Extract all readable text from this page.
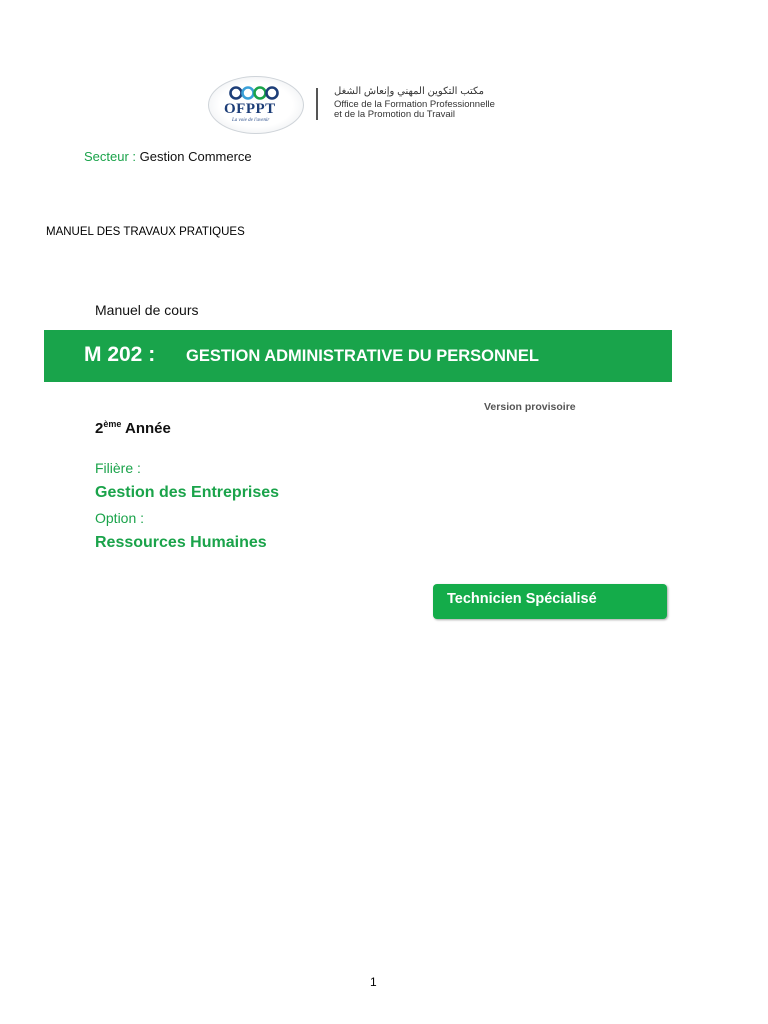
OFPPT
La voie de l'avenir
مكتب التكوين المهني وإنعاش الشغل
Office de la Formation Professionnelle
et de la Promotion du Travail
Secteur : Gestion Commerce
MANUEL DES TRAVAUX PRATIQUES
Manuel de cours
M 202 : GESTION ADMINISTRATIVE DU PERSONNEL
Version provisoire
2ème Année
Filière :
Gestion des Entreprises
Option :
Ressources Humaines
Technicien Spécialisé
1
